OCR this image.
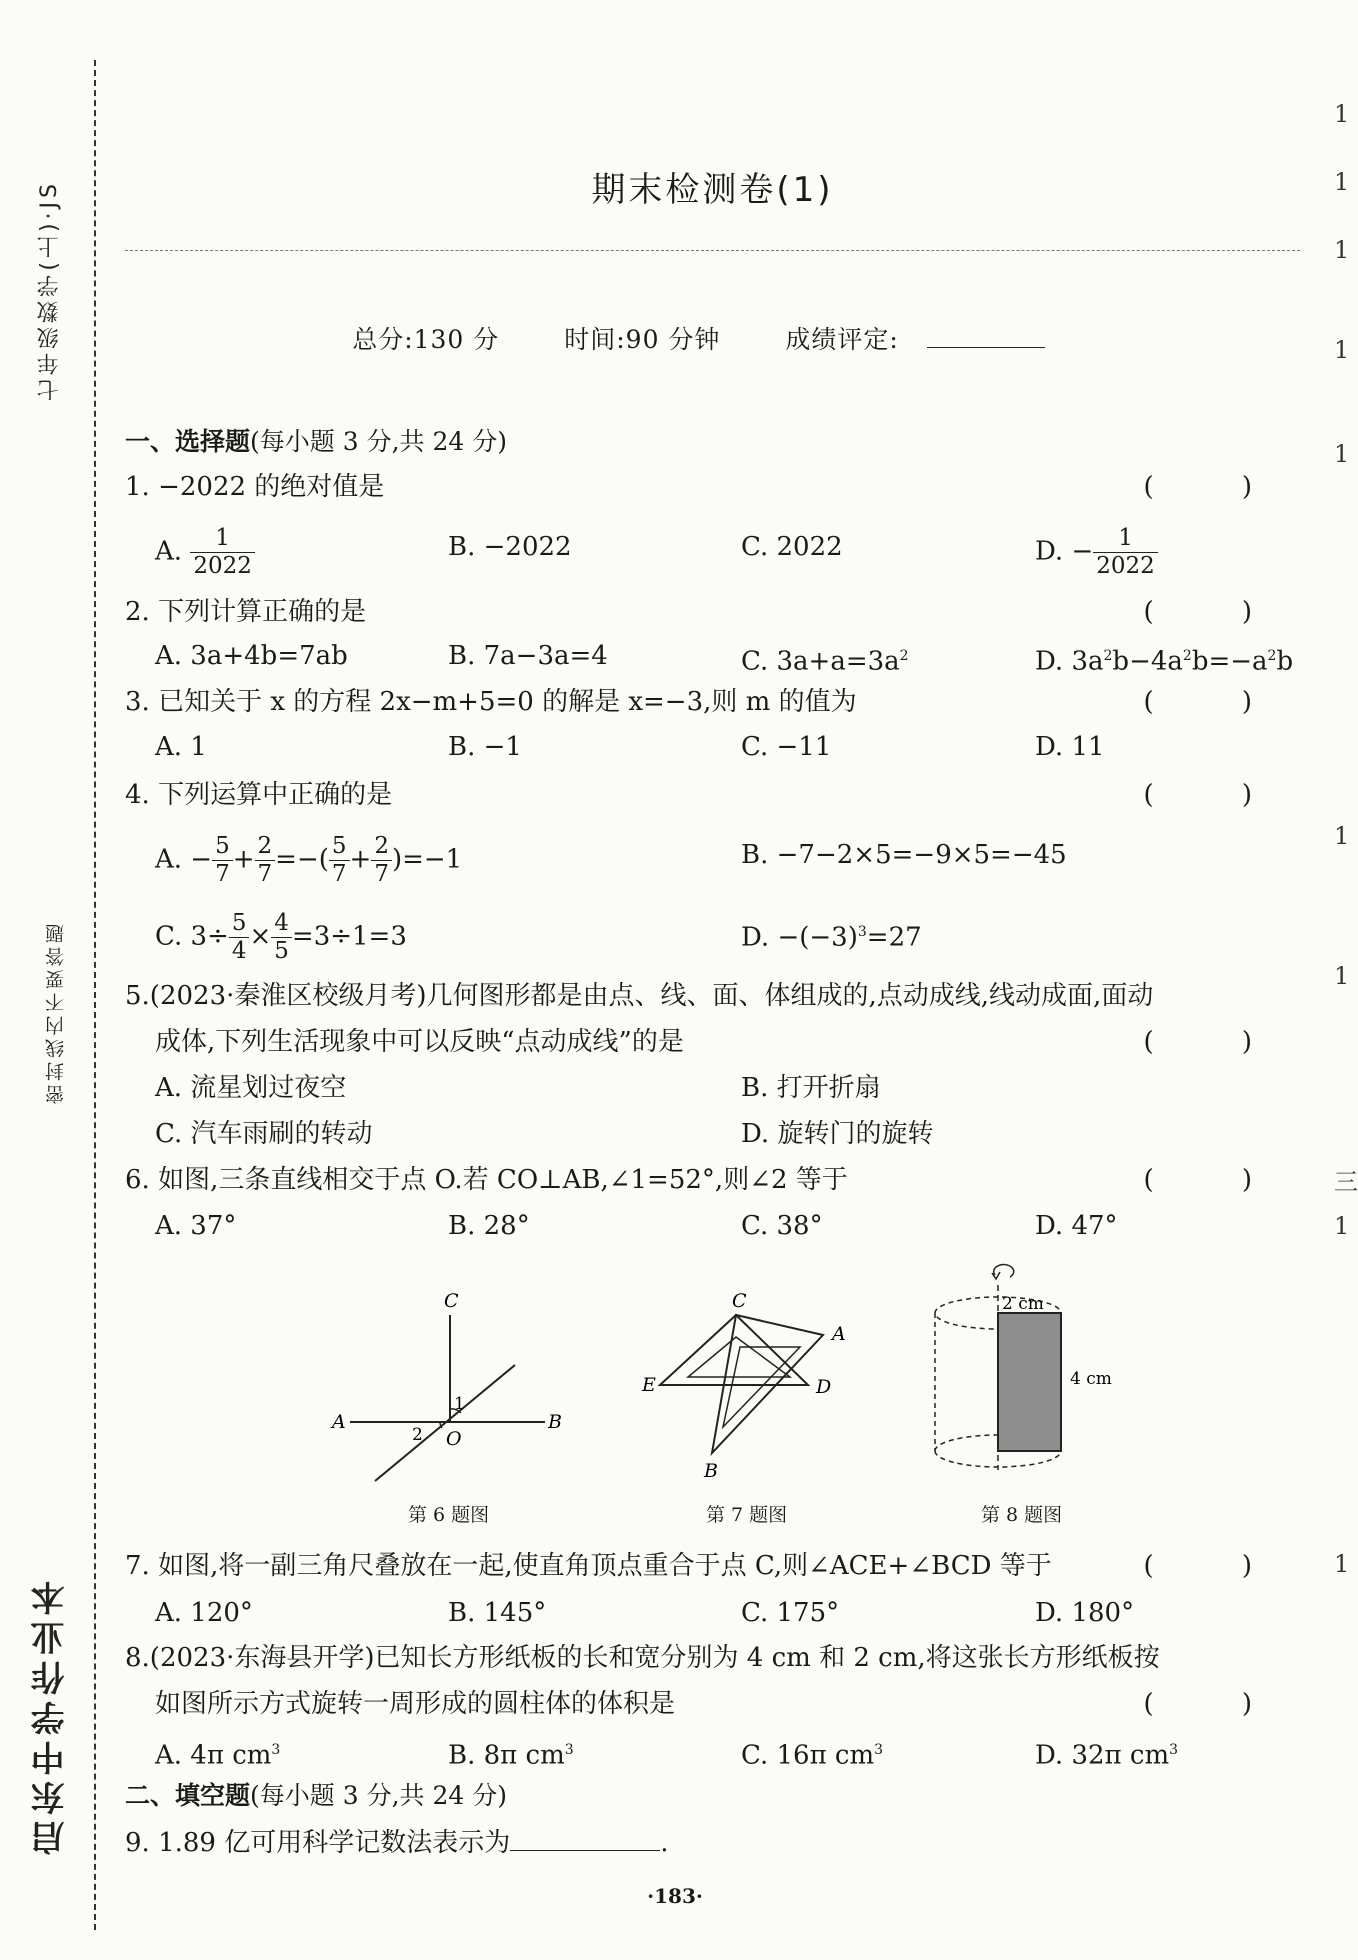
七年级数学(上)·JS
密封线内不要答题
启东中学作业本
1
1
1
1
1
1
1
三
1
1
期末检测卷(1)
总分:130 分	时间:90 分钟	成绩评定:
一、选择题(每小题 3 分,共 24 分)
1. −2022 的绝对值是	( )
A. $\frac{1}{2022}$	B. −2022	C. 2022	D. − $\frac{1}{2022}$
2. 下列计算正确的是	( )
A. 3a+4b=7ab	B. 7a−3a=4	C. $3a+a=3a^2$	D. $3a^2b-4a^2b=-a^2b$
3. 已知关于 x 的方程 2x−m+5=0 的解是 x=−3,则 m 的值为	( )
A. 1	B. −1	C. −11	D. 11
4. 下列运算中正确的是	( )
A. − $\frac{5}{7} + \frac{2}{7}$ =−( $\frac{5}{7} + \frac{2}{7} )=-1$	B. −7−2×5=−9×5=−45
C. $3\div \frac{5}{4} \times \frac{4}{5} =3\div 1=3$	D. $-(-3)^3=27$
5.(2023·秦淮区校级月考)几何图形都是由点、线、面、体组成的,点动成线,线动成面,面动
成体,下列生活现象中可以反映“点动成线”的是	( )
A. 流星划过夜空	B. 打开折扇
C. 汽车雨刷的转动	D. 旋转门的旋转
6. 如图,三条直线相交于点 O.若 CO⊥AB,∠1=52°,则∠2 等于	( )
A. 37°	B. 28°	C. 38°	D. 47°
C
A	B
O
1
2
第 6 题图
C
A
E	D
B
第 7 题图
2 cm
4 cm
第 8 题图
7. 如图,将一副三角尺叠放在一起,使直角顶点重合于点 C,则∠ACE+∠BCD 等于	( )
A. 120°	B. 145°	C. 175°	D. 180°
8.(2023·东海县开学)已知长方形纸板的长和宽分别为 4 cm 和 2 cm,将这张长方形纸板按
如图所示方式旋转一周形成的圆柱体的体积是	( )
A. 4π $cm^3$	B. 8π $cm^3$	C. 16π $cm^3$	D. 32π $cm^3$
二、填空题(每小题 3 分,共 24 分)
9. 1.89 亿可用科学记数法表示为	.
·183·
